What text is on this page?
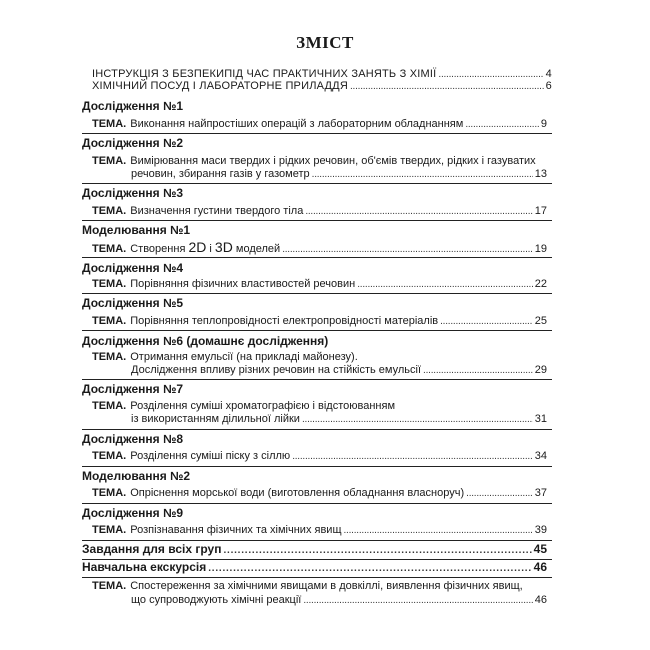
ЗМІСТ
ІНСТРУКЦІЯ З БЕЗПЕКИПІД ЧАС ПРАКТИЧНИХ ЗАНЯТЬ З ХІМІЇ . . .	4
ХІМІЧНИЙ ПОСУД І ЛАБОРАТОРНЕ ПРИЛАДДЯ . . .	6
Дослідження №1
ТЕМА. Виконання найпростіших операцій з лабораторним обладнанням . . .	9
Дослідження №2
ТЕМА. Вимірювання маси твердих і рідких речовин, об'ємів твердих, рідких і газуватих
речовин, збирання газів у газометр . . .	13
Дослідження №3
ТЕМА. Визначення густини твердого тіла . . .	17
Моделювання №1
ТЕМА. Створення 2D і 3D моделей . . .	19
Дослідження №4
ТЕМА. Порівняння фізичних властивостей речовин . . .	22
Дослідження №5
ТЕМА. Порівняння теплопровідності електропровідності матеріалів . . .	25
Дослідження №6 (домашнє дослідження)
ТЕМА. Отримання емульсії (на прикладі майонезу).
Дослідження впливу різних речовин на стійкість емульсії . . .	29
Дослідження №7
ТЕМА. Розділення суміші хроматографією і відстоюванням
із використанням ділильної лійки . . .	31
Дослідження №8
ТЕМА. Розділення суміші піску з сіллю . . .	34
Моделювання №2
ТЕМА. Опріснення морської води (виготовлення обладнання власноруч) . . .	37
Дослідження №9
ТЕМА. Розпізнавання фізичних та хімічних явищ . . .	39
Завдання для всіх груп . . .	45
Навчальна екскурсія . . .	46
ТЕМА. Спостереження за хімічними явищами в довкіллі, виявлення фізичних явищ,
що супроводжують хімічні реакції . . .	46
